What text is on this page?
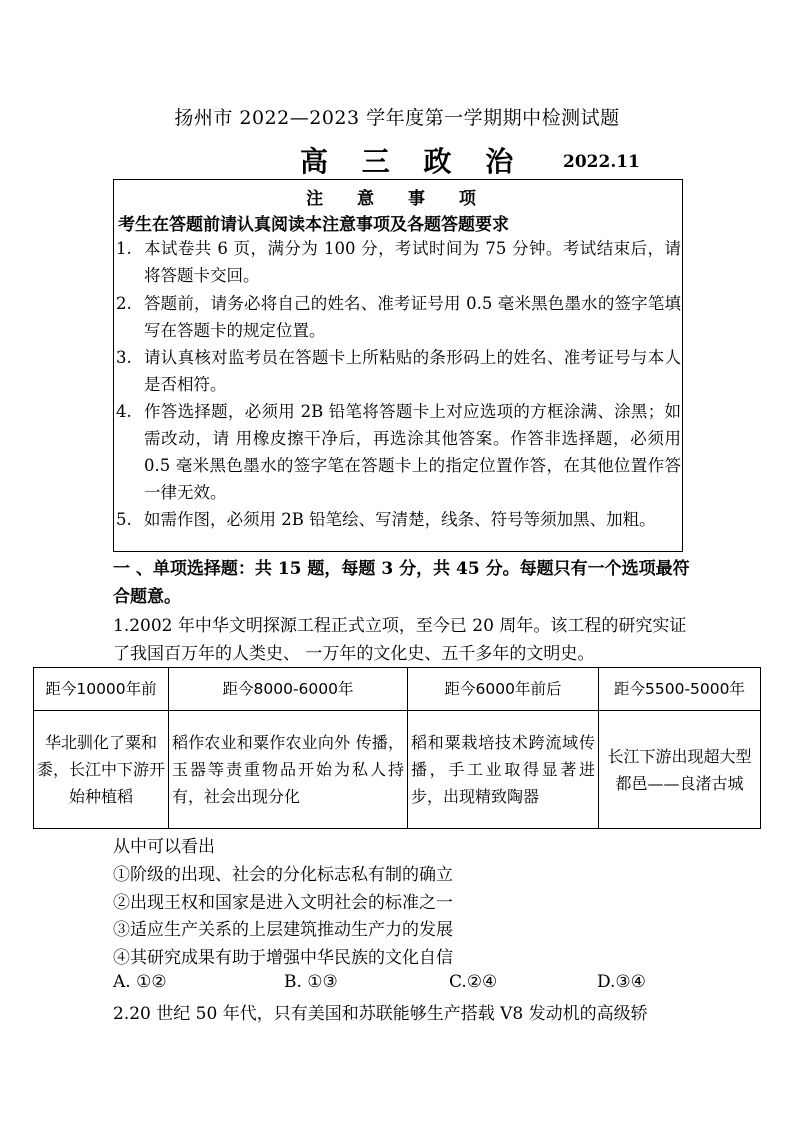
扬州市 2022—2023 学年度第一学期期中检测试题
高 三 政 治 2022.11
注 意 事 项
考生在答题前请认真阅读本注意事项及各题答题要求
1. 本试卷共 6 页，满分为 100 分，考试时间为 75 分钟。考试结束后，请将答题卡交回。
2. 答题前，请务必将自己的姓名、准考证号用 0.5 毫米黑色墨水的签字笔填写在答题卡的规定位置。
3. 请认真核对监考员在答题卡上所粘贴的条形码上的姓名、准考证号与本人是否相符。
4. 作答选择题，必须用 2B 铅笔将答题卡上对应选项的方框涂满、涂黑；如需改动，请 用橡皮擦干净后，再选涂其他答案。作答非选择题，必须用 0.5 毫米黑色墨水的签字笔在答题卡上的指定位置作答，在其他位置作答一律无效。
5. 如需作图，必须用 2B 铅笔绘、写清楚，线条、符号等须加黑、加粗。
一 、单项选择题：共 15 题，每题 3 分，共 45 分。每题只有一个选项最符合题意。
1.2002 年中华文明探源工程正式立项，至今已 20 周年。该工程的研究实证了我国百万年的人类史、 一万年的文化史、五千多年的文明史。
距今10000年前	距今8000-6000年	距今6000年前后	距今5500-5000年
华北驯化了粟和黍，长江中下游开始种植稻	稻作农业和粟作农业向外 传播，玉器等责重物品开始为私人持有，社会出现分化	稻和粟栽培技术跨流域传播，手工业取得显著进步，出现精致陶器	长江下游出现超大型都邑——良渚古城
从中可以看出
①阶级的出现、社会的分化标志私有制的确立
②出现王权和国家是进入文明社会的标准之一
③适应生产关系的上层建筑推动生产力的发展
④其研究成果有助于增强中华民族的文化自信
A. ①②	B. ①③	C.②④	D.③④
2.20 世纪 50 年代，只有美国和苏联能够生产搭载 V8 发动机的高级轿
